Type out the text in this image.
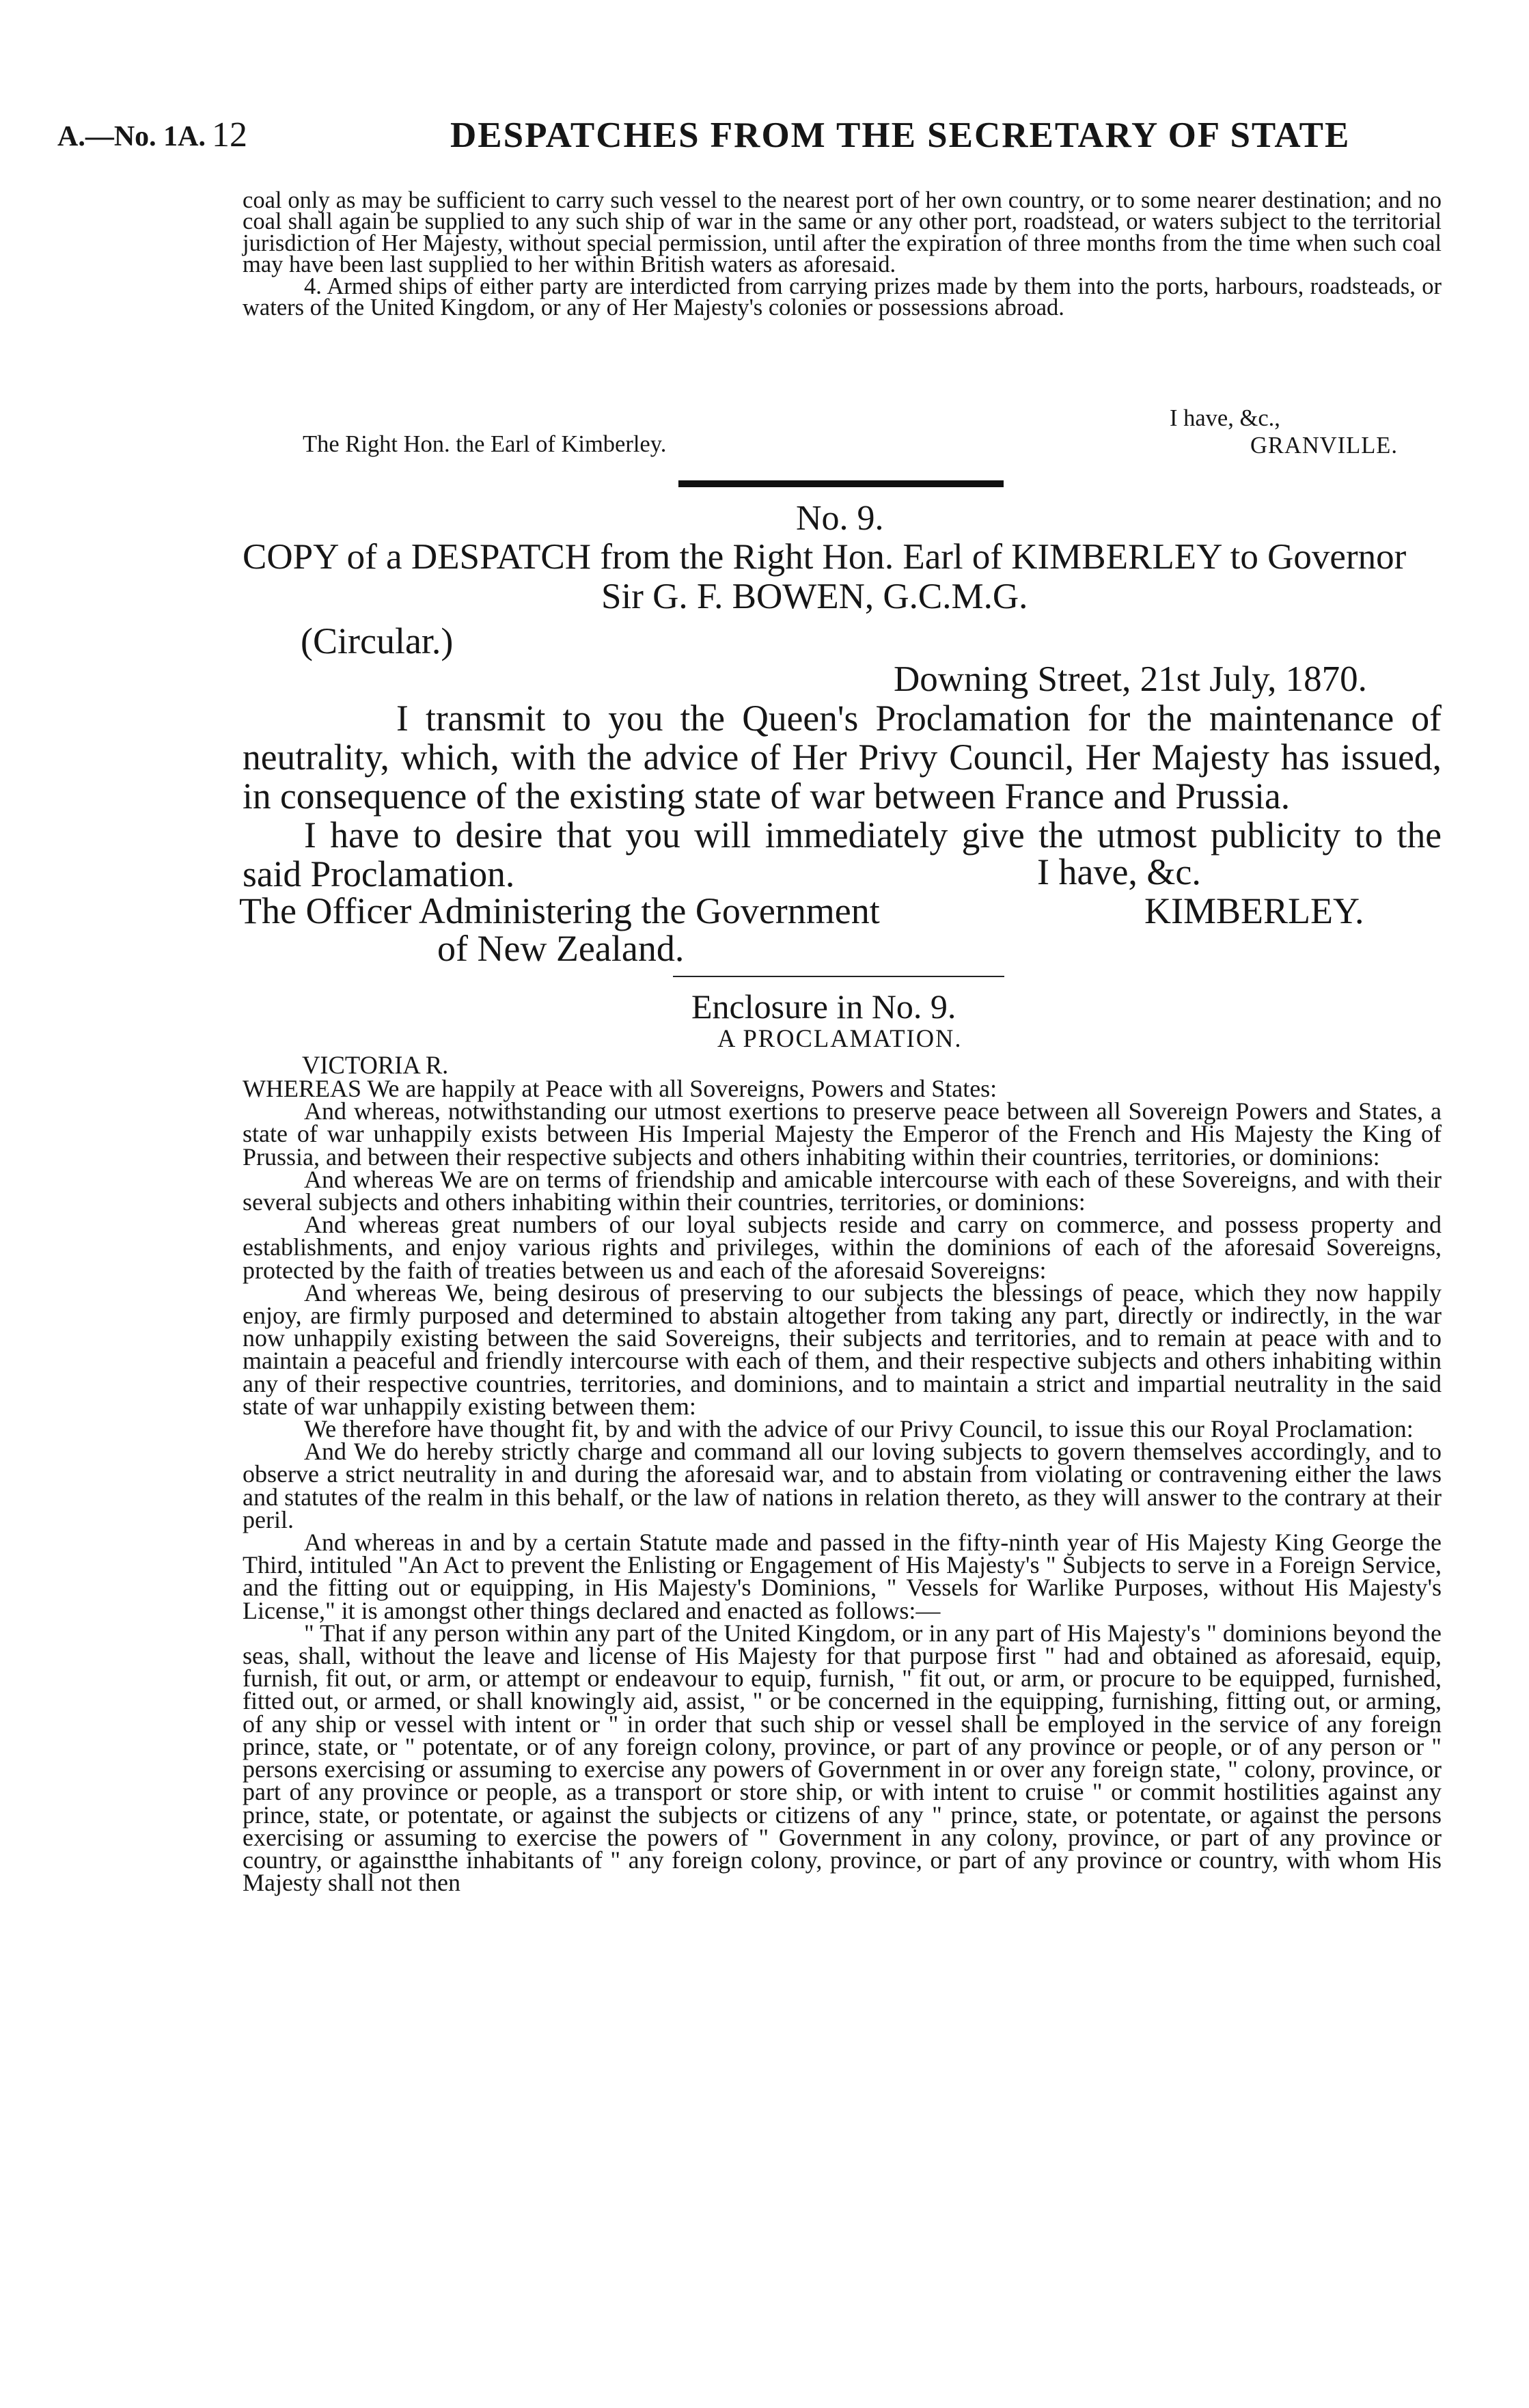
A.—No. 1A. 12	DESPATCHES FROM THE SECRETARY OF STATE

coal only as may be sufficient to carry such vessel to the nearest port of her own country, or to some nearer destination; and no coal shall again be supplied to any such ship of war in the same or any other port, roadstead, or waters subject to the territorial jurisdiction of Her Majesty, without special permission, until after the expiration of three months from the time when such coal may have been last supplied to her within British waters as aforesaid.

4. Armed ships of either party are interdicted from carrying prizes made by them into the ports, harbours, roadsteads, or waters of the United Kingdom, or any of Her Majesty's colonies or possessions abroad.

I have, &c.,
The Right Hon. the Earl of Kimberley.	GRANVILLE.
No. 9.
COPY of a DESPATCH from the Right Hon. Earl of KIMBERLEY to Governor
Sir G. F. BOWEN, G.C.M.G.
(Circular.)
Downing Street, 21st July, 1870.

I transmit to you the Queen's Proclamation for the maintenance of neutrality, which, with the advice of Her Privy Council, Her Majesty has issued, in consequence of the existing state of war between France and Prussia.

I have to desire that you will immediately give the utmost publicity to the said Proclamation.	I have, &c.
The Officer Administering the Government	KIMBERLEY.
of New Zealand.
Enclosure in No. 9.
A PROCLAMATION.
VICTORIA R.

WHEREAS We are happily at Peace with all Sovereigns, Powers and States:

And whereas, notwithstanding our utmost exertions to preserve peace between all Sovereign Powers and States, a state of war unhappily exists between His Imperial Majesty the Emperor of the French and His Majesty the King of Prussia, and between their respective subjects and others inhabiting within their countries, territories, or dominions:

And whereas We are on terms of friendship and amicable intercourse with each of these Sovereigns, and with their several subjects and others inhabiting within their countries, territories, or dominions:

And whereas great numbers of our loyal subjects reside and carry on commerce, and possess property and establishments, and enjoy various rights and privileges, within the dominions of each of the aforesaid Sovereigns, protected by the faith of treaties between us and each of the aforesaid Sovereigns:

And whereas We, being desirous of preserving to our subjects the blessings of peace, which they now happily enjoy, are firmly purposed and determined to abstain altogether from taking any part, directly or indirectly, in the war now unhappily existing between the said Sovereigns, their subjects and territories, and to remain at peace with and to maintain a peaceful and friendly intercourse with each of them, and their respective subjects and others inhabiting within any of their respective countries, territories, and dominions, and to maintain a strict and impartial neutrality in the said state of war unhappily existing between them:

We therefore have thought fit, by and with the advice of our Privy Council, to issue this our Royal Proclamation:

And We do hereby strictly charge and command all our loving subjects to govern themselves accordingly, and to observe a strict neutrality in and during the aforesaid war, and to abstain from violating or contravening either the laws and statutes of the realm in this behalf, or the law of nations in relation thereto, as they will answer to the contrary at their peril.

And whereas in and by a certain Statute made and passed in the fifty-ninth year of His Majesty King George the Third, intituled "An Act to prevent the Enlisting or Engagement of His Majesty's " Subjects to serve in a Foreign Service, and the fitting out or equipping, in His Majesty's Dominions, " Vessels for Warlike Purposes, without His Majesty's License," it is amongst other things declared and enacted as follows:—

" That if any person within any part of the United Kingdom, or in any part of His Majesty's " dominions beyond the seas, shall, without the leave and license of His Majesty for that purpose first " had and obtained as aforesaid, equip, furnish, fit out, or arm, or attempt or endeavour to equip, furnish, " fit out, or arm, or procure to be equipped, furnished, fitted out, or armed, or shall knowingly aid, assist, " or be concerned in the equipping, furnishing, fitting out, or arming, of any ship or vessel with intent or " in order that such ship or vessel shall be employed in the service of any foreign prince, state, or " potentate, or of any foreign colony, province, or part of any province or people, or of any person or " persons exercising or assuming to exercise any powers of Government in or over any foreign state, " colony, province, or part of any province or people, as a transport or store ship, or with intent to cruise " or commit hostilities against any prince, state, or potentate, or against the subjects or citizens of any " prince, state, or potentate, or against the persons exercising or assuming to exercise the powers of " Government in any colony, province, or part of any province or country, or againstthe inhabitants of " any foreign colony, province, or part of any province or country, with whom His Majesty shall not then
